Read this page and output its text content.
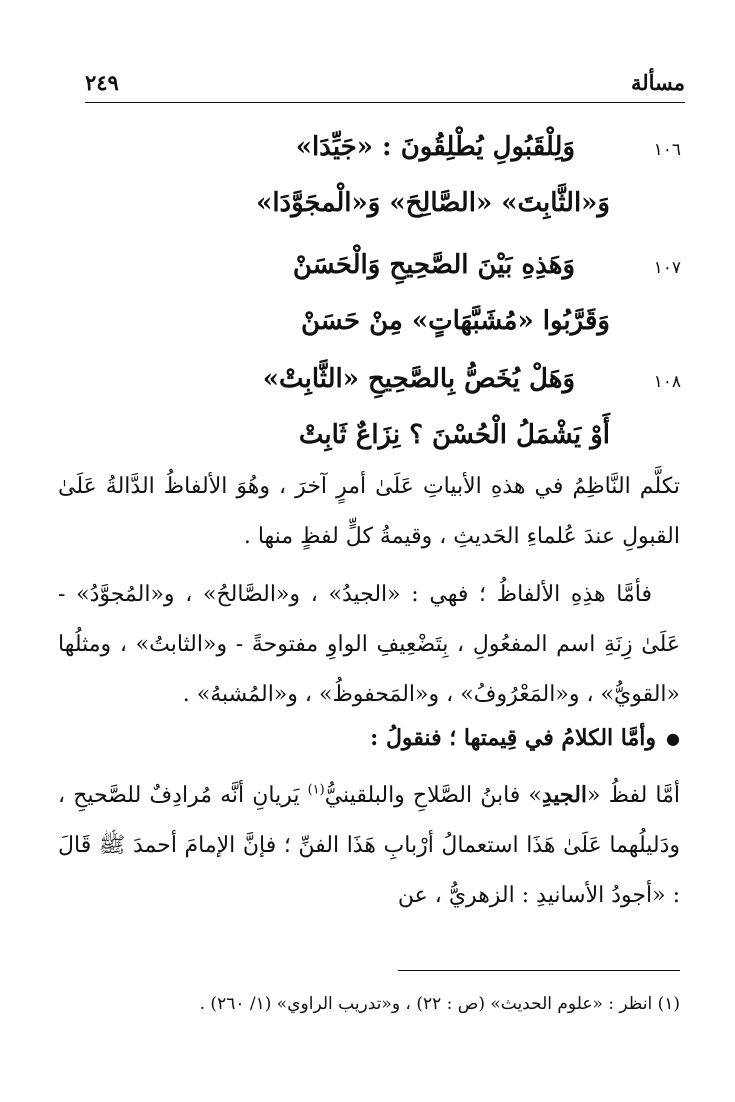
مسألة
٢٤٩
١٠٦
وَلِلْقَبُولِ يُطْلِقُونَ : «جَيِّدَا»
وَ«الثَّابِتَ» «الصَّالِحَ» وَ«الْمجَوَّدَا»
١٠٧
وَهَذِهِ بَيْنَ الصَّحِيحِ وَالْحَسَنْ
وَقَرَّبُوا «مُشَبَّهَاتٍ» مِنْ حَسَنْ
١٠٨
وَهَلْ يُخَصُّ بِالصَّحِيحِ «الثَّابِتْ»
أَوْ يَشْمَلُ الْحُسْنَ ؟ نِزَاعٌ ثَابِتْ

تكلَّم النَّاظِمُ في هذهِ الأبياتِ عَلَىٰ أمرٍ آخرَ ، وهُوَ الألفاظُ الدَّالةُ عَلَىٰ القبولِ عندَ عُلماءِ الحَديثِ ، وقيمةُ كلٍّ لفظٍ منها .

فأمَّا هذِهِ الألفاظُ ؛ فهي : «الجيدُ» ، و«الصَّالحُ» ، و«المُجوَّدُ» - عَلَىٰ زِنَةِ اسم المفعُولِ ، بِتَضْعِيفِ الواوِ مفتوحةً - و«الثابتُ» ، ومثلُها «القويُّ» ، و«المَعْرُوفُ» ، و«المَحفوظُ» ، و«المُشبهُ» .

●وأمَّا الكلامُ في قِيمتها ؛ فنقولُ :

أمَّا لفظُ «الجيدِ» فابنُ الصَّلاحِ والبلقينيُّ$^{(١)}$ يَريانِ أنَّه مُرادِفٌ للصَّحيحِ ، ودَليلُهما عَلَىٰ هَذَا استعمالُ أرْبابِ هَذَا الفنِّ ؛ فإنَّ الإمامَ أحمدَ ﷺ قَالَ : «أجودُ الأسانيدِ : الزهريُّ ، عن

(١) انظر : «علوم الحديث» (ص : ٢٢) ، و«تدريب الراوي» (١/ ٢٦٠) .
